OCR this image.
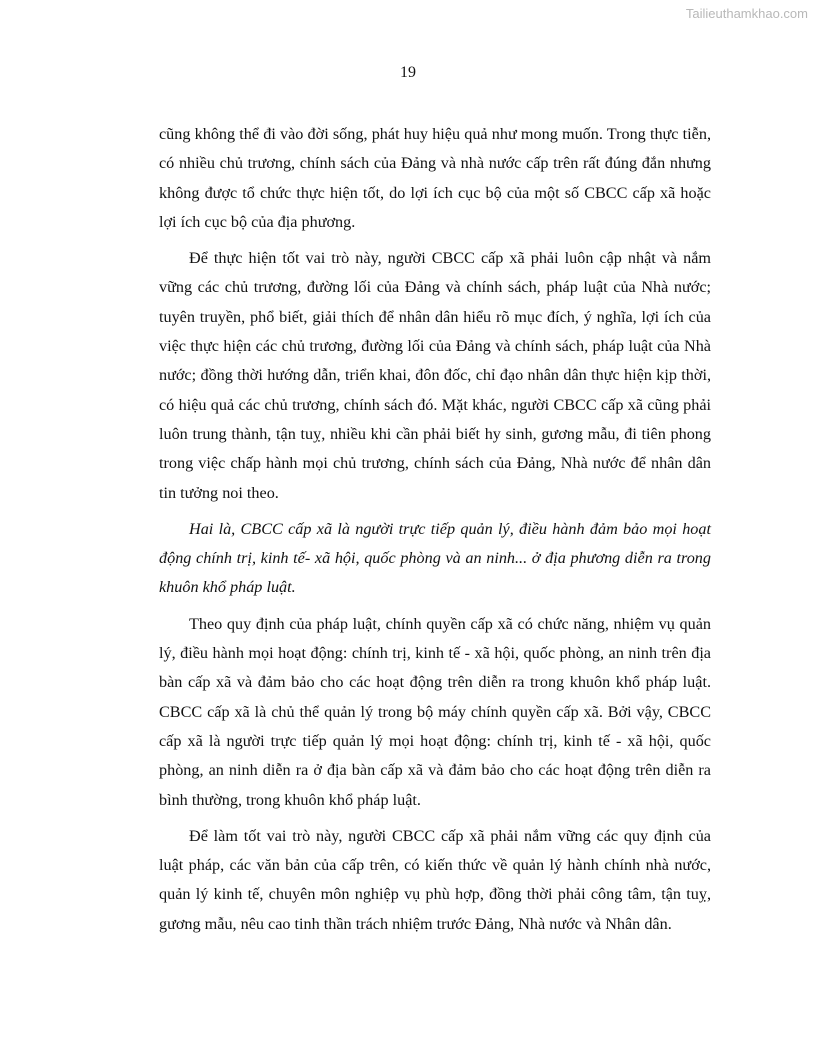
Tailieuthamkhao.com
19

cũng không thể đi vào đời sống, phát huy hiệu quả như mong muốn. Trong thực tiễn, có nhiều chủ trương, chính sách của Đảng và nhà nước cấp trên rất đúng đắn nhưng không được tổ chức thực hiện tốt, do lợi ích cục bộ của một số CBCC cấp xã hoặc lợi ích cục bộ của địa phương.

Để thực hiện tốt vai trò này, người CBCC cấp xã phải luôn cập nhật và nắm vững các chủ trương, đường lối của Đảng và chính sách, pháp luật của Nhà nước; tuyên truyền, phổ biết, giải thích để nhân dân hiểu rõ mục đích, ý nghĩa, lợi ích của việc thực hiện các chủ trương, đường lối của Đảng và chính sách, pháp luật của Nhà nước; đồng thời hướng dẫn, triển khai, đôn đốc, chỉ đạo nhân dân thực hiện kịp thời, có hiệu quả các chủ trương, chính sách đó. Mặt khác, người CBCC cấp xã cũng phải luôn trung thành, tận tuỵ, nhiều khi cần phải biết hy sinh, gương mẫu, đi tiên phong trong việc chấp hành mọi chủ trương, chính sách của Đảng, Nhà nước để nhân dân tin tưởng noi theo.

Hai là, CBCC cấp xã là người trực tiếp quản lý, điều hành đảm bảo mọi hoạt động chính trị, kinh tế- xã hội, quốc phòng và an ninh... ở địa phương diễn ra trong khuôn khổ pháp luật.

Theo quy định của pháp luật, chính quyền cấp xã có chức năng, nhiệm vụ quản lý, điều hành mọi hoạt động: chính trị, kinh tế - xã hội, quốc phòng, an ninh trên địa bàn cấp xã và đảm bảo cho các hoạt động trên diễn ra trong khuôn khổ pháp luật. CBCC cấp xã là chủ thể quản lý trong bộ máy chính quyền cấp xã. Bởi vậy, CBCC cấp xã là người trực tiếp quản lý mọi hoạt động: chính trị, kinh tế - xã hội, quốc phòng, an ninh diễn ra ở địa bàn cấp xã và đảm bảo cho các hoạt động trên diễn ra bình thường, trong khuôn khổ pháp luật.

Để làm tốt vai trò này, người CBCC cấp xã phải nắm vững các quy định của luật pháp, các văn bản của cấp trên, có kiến thức về quản lý hành chính nhà nước, quản lý kinh tế, chuyên môn nghiệp vụ phù hợp, đồng thời phải công tâm, tận tuỵ, gương mẫu, nêu cao tinh thần trách nhiệm trước Đảng, Nhà nước và Nhân dân.
